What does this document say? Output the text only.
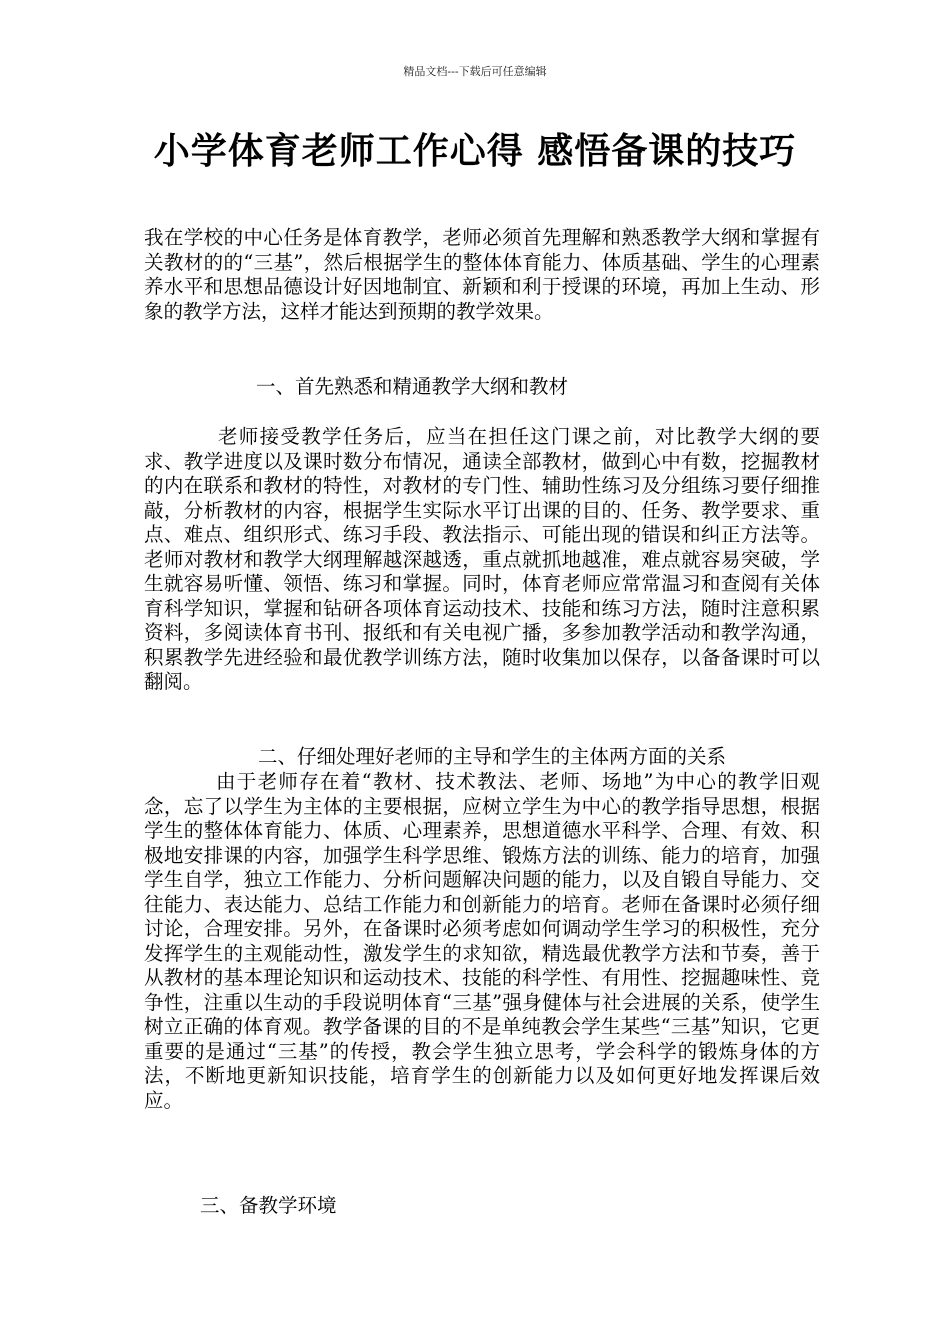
精品文档---下载后可任意编辑
小学体育老师工作心得 感悟备课的技巧

我在学校的中心任务是体育教学，老师必须首先理解和熟悉教学大纲和掌握有关教材的的“三基”，然后根据学生的整体体育能力、体质基础、学生的心理素养水平和思想品德设计好因地制宜、新颖和利于授课的环境，再加上生动、形象的教学方法，这样才能达到预期的教学效果。

一、首先熟悉和精通教学大纲和教材

老师接受教学任务后，应当在担任这门课之前，对比教学大纲的要求、教学进度以及课时数分布情况，通读全部教材，做到心中有数，挖掘教材的内在联系和教材的特性，对教材的专门性、辅助性练习及分组练习要仔细推敲，分析教材的内容，根据学生实际水平订出课的目的、任务、教学要求、重点、难点、组织形式、练习手段、教法指示、可能出现的错误和纠正方法等。老师对教材和教学大纲理解越深越透，重点就抓地越准，难点就容易突破，学生就容易听懂、领悟、练习和掌握。同时，体育老师应常常温习和查阅有关体育科学知识，掌握和钻研各项体育运动技术、技能和练习方法，随时注意积累资料，多阅读体育书刊、报纸和有关电视广播，多参加教学活动和教学沟通，积累教学先进经验和最优教学训练方法，随时收集加以保存，以备备课时可以翻阅。

二、仔细处理好老师的主导和学生的主体两方面的关系

由于老师存在着“教材、技术教法、老师、场地”为中心的教学旧观念，忘了以学生为主体的主要根据，应树立学生为中心的教学指导思想，根据学生的整体体育能力、体质、心理素养，思想道德水平科学、合理、有效、积极地安排课的内容，加强学生科学思维、锻炼方法的训练、能力的培育，加强学生自学，独立工作能力、分析问题解决问题的能力，以及自锻自导能力、交往能力、表达能力、总结工作能力和创新能力的培育。老师在备课时必须仔细讨论，合理安排。另外，在备课时必须考虑如何调动学生学习的积极性，充分发挥学生的主观能动性，激发学生的求知欲，精选最优教学方法和节奏，善于从教材的基本理论知识和运动技术、技能的科学性、有用性、挖掘趣味性、竞争性，注重以生动的手段说明体育“三基”强身健体与社会进展的关系，使学生树立正确的体育观。教学备课的目的不是单纯教会学生某些“三基”知识，它更重要的是通过“三基”的传授，教会学生独立思考，学会科学的锻炼身体的方法，不断地更新知识技能，培育学生的创新能力以及如何更好地发挥课后效应。

三、备教学环境
